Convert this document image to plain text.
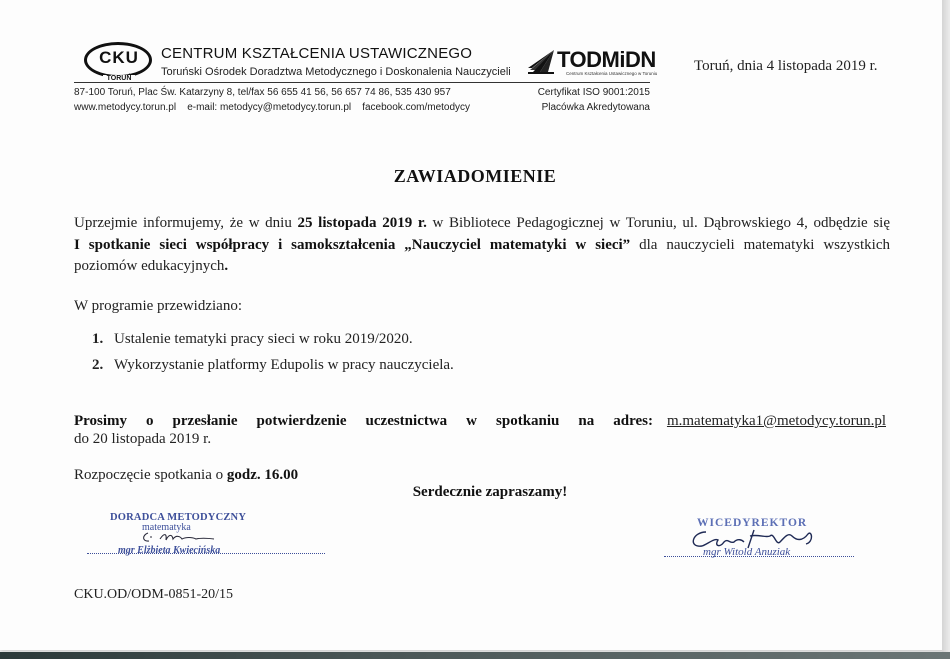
CKU
TORUŃ
CENTRUM KSZTAŁCENIA USTAWICZNEGO
Toruński Ośrodek Doradztwa Metodycznego i Doskonalenia Nauczycieli TODMiDN
Centrum Kształcenia Ustawicznego w Toruniu
87-100 Toruń, Plac Św. Katarzyny 8, tel/fax 56 655 41 56, 56 657 74 86, 535 430 957
www.metodycy.torun.pl    e-mail: metodycy@metodycy.torun.pl    facebook.com/metodycy
Certyfikat ISO 9001:2015
Placówka Akredytowana
Toruń, dnia 4 listopada 2019 r.
ZAWIADOMIENIE
Uprzejmie informujemy, że w dniu 25 listopada 2019 r. w Bibliotece Pedagogicznej w Toruniu, ul. Dąbrowskiego 4, odbędzie się
I spotkanie sieci współpracy i samokształcenia „Nauczyciel matematyki w sieci” dla nauczycieli matematyki wszystkich
poziomów edukacyjnych.
W programie przewidziano:
1. Ustalenie tematyki pracy sieci w roku 2019/2020.
2. Wykorzystanie platformy Edupolis w pracy nauczyciela.
Prosimy o przesłanie potwierdzenie uczestnictwa w spotkaniu na adres: m.matematyka1@metodycy.torun.pl
do 20 listopada 2019 r.
Rozpoczęcie spotkania o godz. 16.00
Serdecznie zapraszamy!
DORADCA METODYCZNY
matematyka
mgr Elżbieta Kwiecińska
WICEDYREKTOR
mgr Witold Anuziak
CKU.OD/ODM-0851-20/15
